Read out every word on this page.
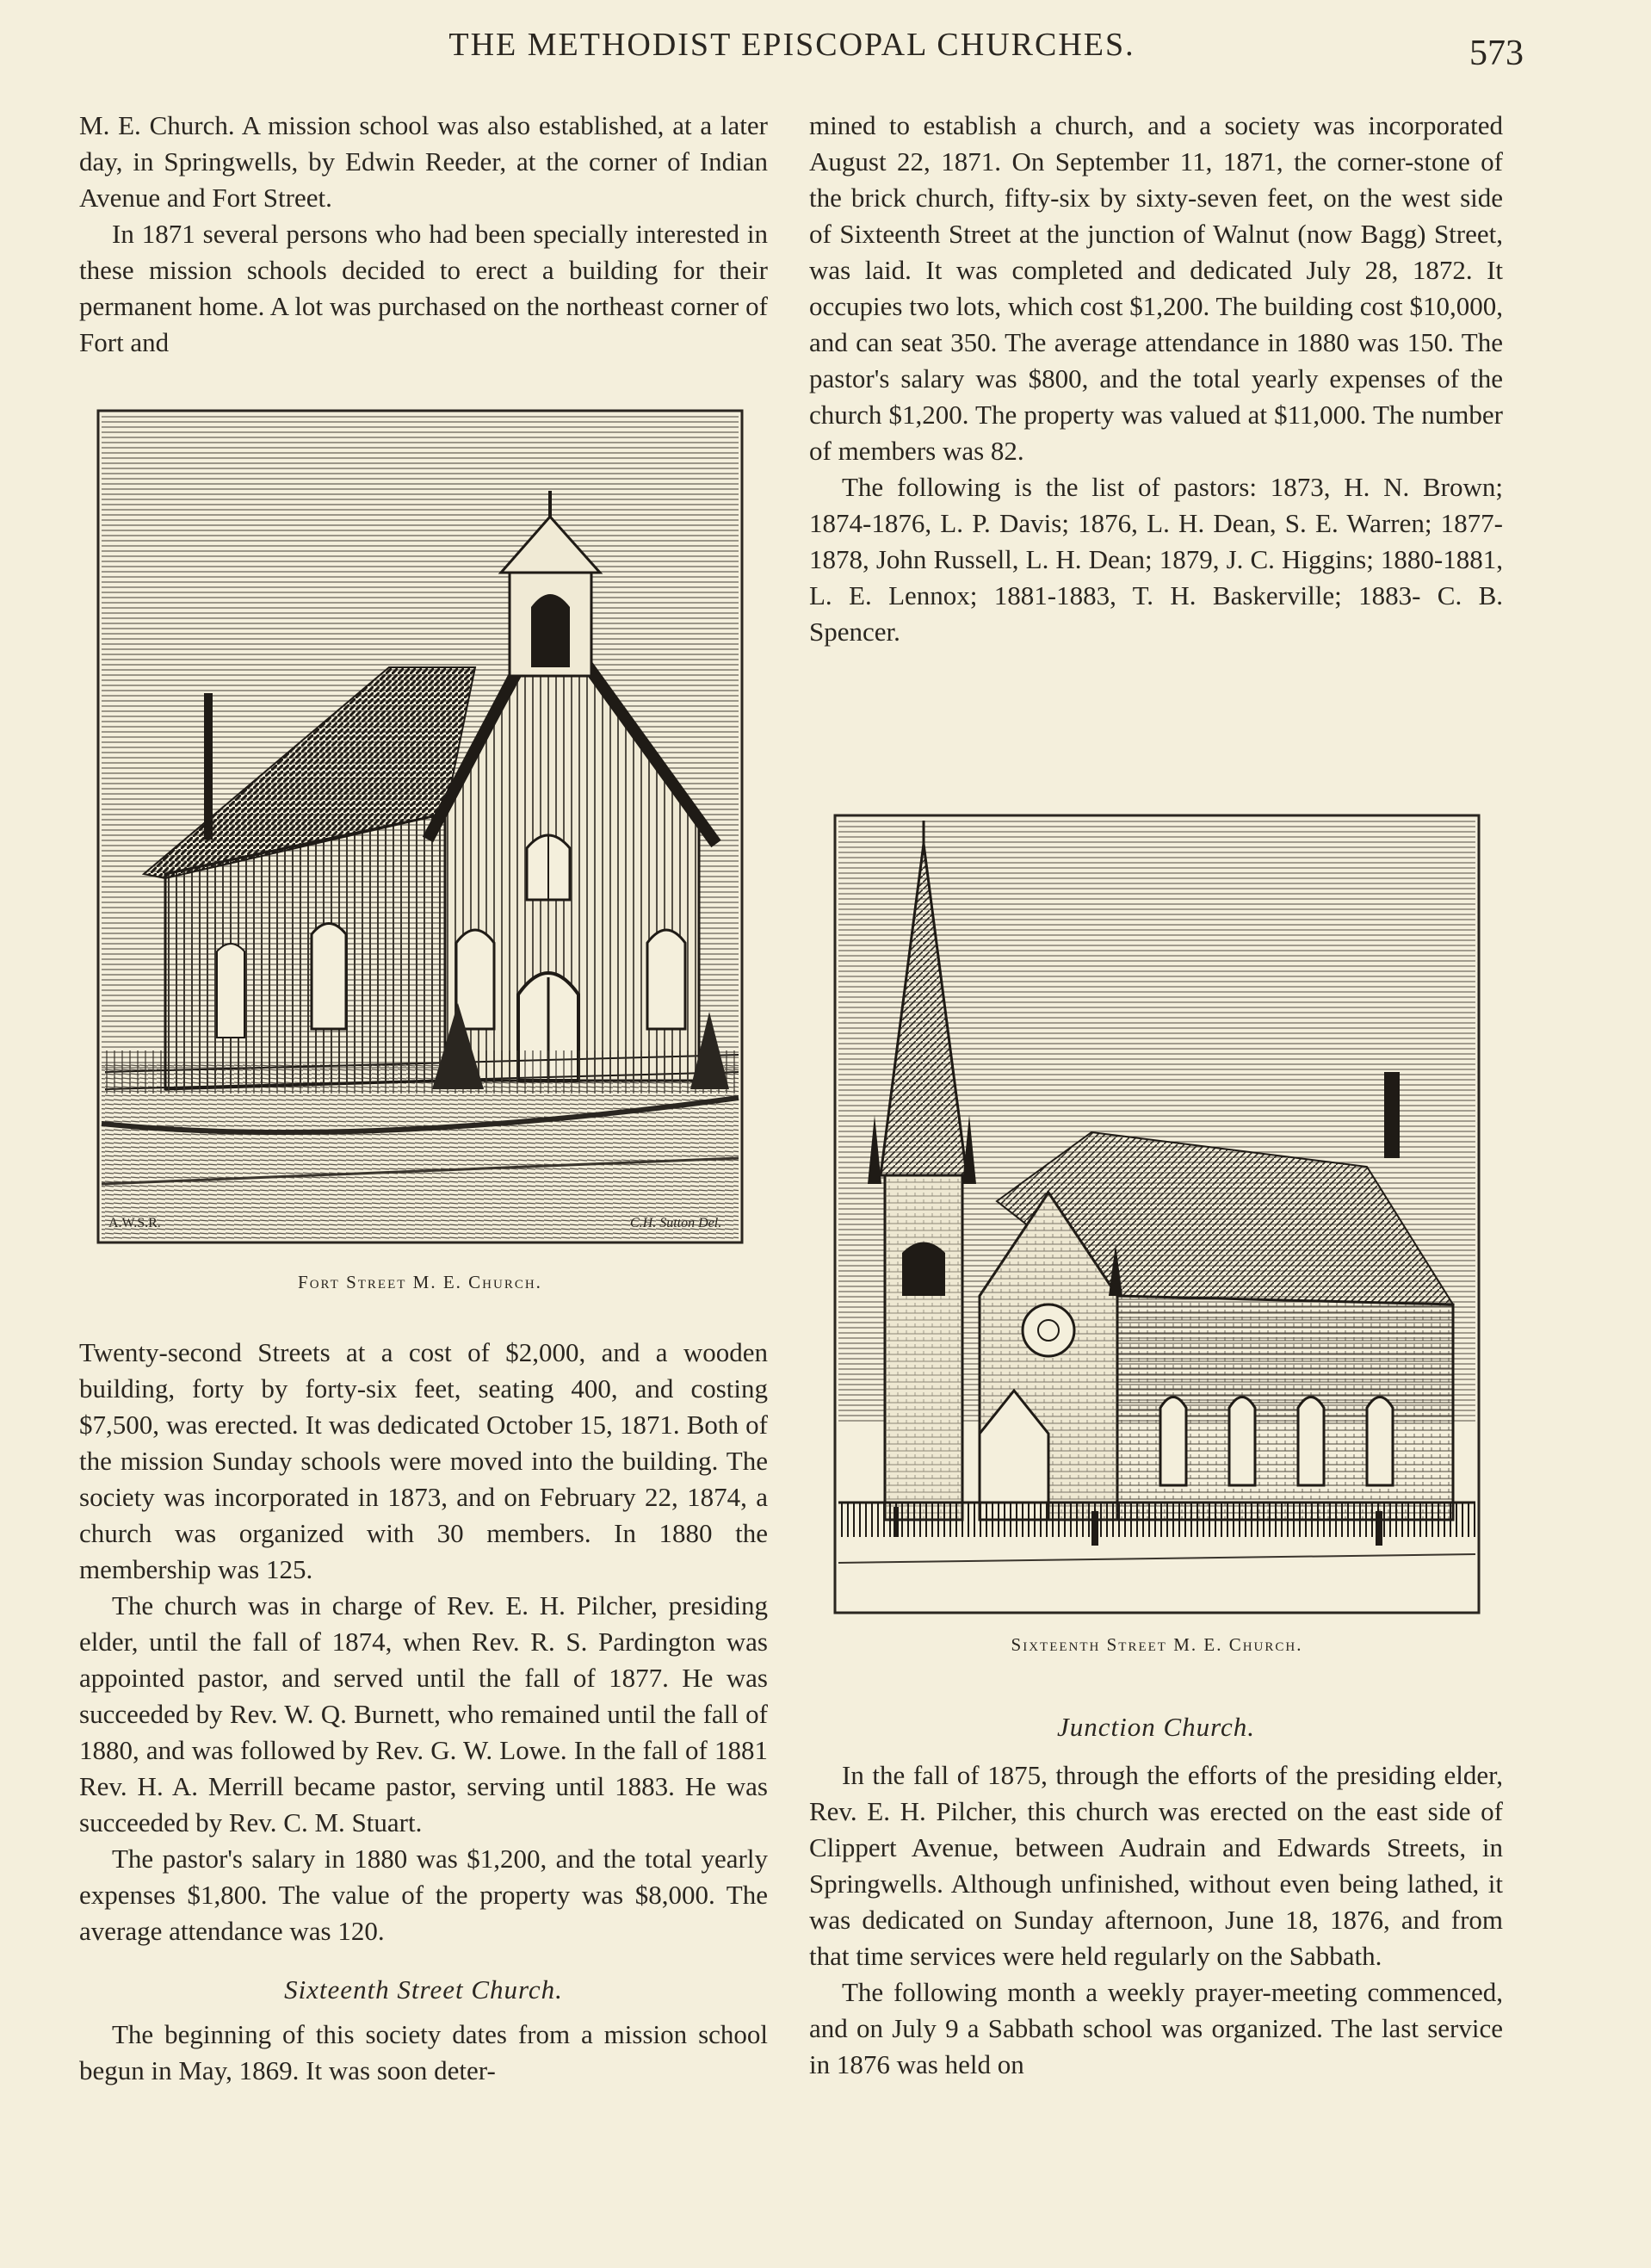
THE METHODIST EPISCOPAL CHURCHES.	573

M. E. Church. A mission school was also established, at a later day, in Springwells, by Edwin Reeder, at the corner of Indian Avenue and Fort Street.

In 1871 several persons who had been specially interested in these mission schools decided to erect a building for their permanent home. A lot was purchased on the northeast corner of Fort and

A.W.S.R.	C.H. Sutton Del.
Fort Street M. E. Church.

Twenty-second Streets at a cost of $2,000, and a wooden building, forty by forty-six feet, seating 400, and costing $7,500, was erected. It was dedicated October 15, 1871. Both of the mission Sunday schools were moved into the building. The society was incorporated in 1873, and on February 22, 1874, a church was organized with 30 members. In 1880 the membership was 125.

The church was in charge of Rev. E. H. Pilcher, presiding elder, until the fall of 1874, when Rev. R. S. Pardington was appointed pastor, and served until the fall of 1877. He was succeeded by Rev. W. Q. Burnett, who remained until the fall of 1880, and was followed by Rev. G. W. Lowe. In the fall of 1881 Rev. H. A. Merrill became pastor, serving until 1883. He was succeeded by Rev. C. M. Stuart.

The pastor's salary in 1880 was $1,200, and the total yearly expenses $1,800. The value of the property was $8,000. The average attendance was 120.

Sixteenth Street Church.

The beginning of this society dates from a mission school begun in May, 1869. It was soon deter-

mined to establish a church, and a society was incorporated August 22, 1871. On September 11, 1871, the corner-stone of the brick church, fifty-six by sixty-seven feet, on the west side of Sixteenth Street at the junction of Walnut (now Bagg) Street, was laid. It was completed and dedicated July 28, 1872. It occupies two lots, which cost $1,200. The building cost $10,000, and can seat 350. The average attendance in 1880 was 150. The pastor's salary was $800, and the total yearly expenses of the church $1,200. The property was valued at $11,000. The number of members was 82.

The following is the list of pastors: 1873, H. N. Brown; 1874-1876, L. P. Davis; 1876, L. H. Dean, S. E. Warren; 1877-1878, John Russell, L. H. Dean; 1879, J. C. Higgins; 1880-1881, L. E. Lennox; 1881-1883, T. H. Baskerville; 1883- C. B. Spencer.

Sixteenth Street M. E. Church.

Junction Church.

In the fall of 1875, through the efforts of the presiding elder, Rev. E. H. Pilcher, this church was erected on the east side of Clippert Avenue, between Audrain and Edwards Streets, in Springwells. Although unfinished, without even being lathed, it was dedicated on Sunday afternoon, June 18, 1876, and from that time services were held regularly on the Sabbath.

The following month a weekly prayer-meeting commenced, and on July 9 a Sabbath school was organized. The last service in 1876 was held on
